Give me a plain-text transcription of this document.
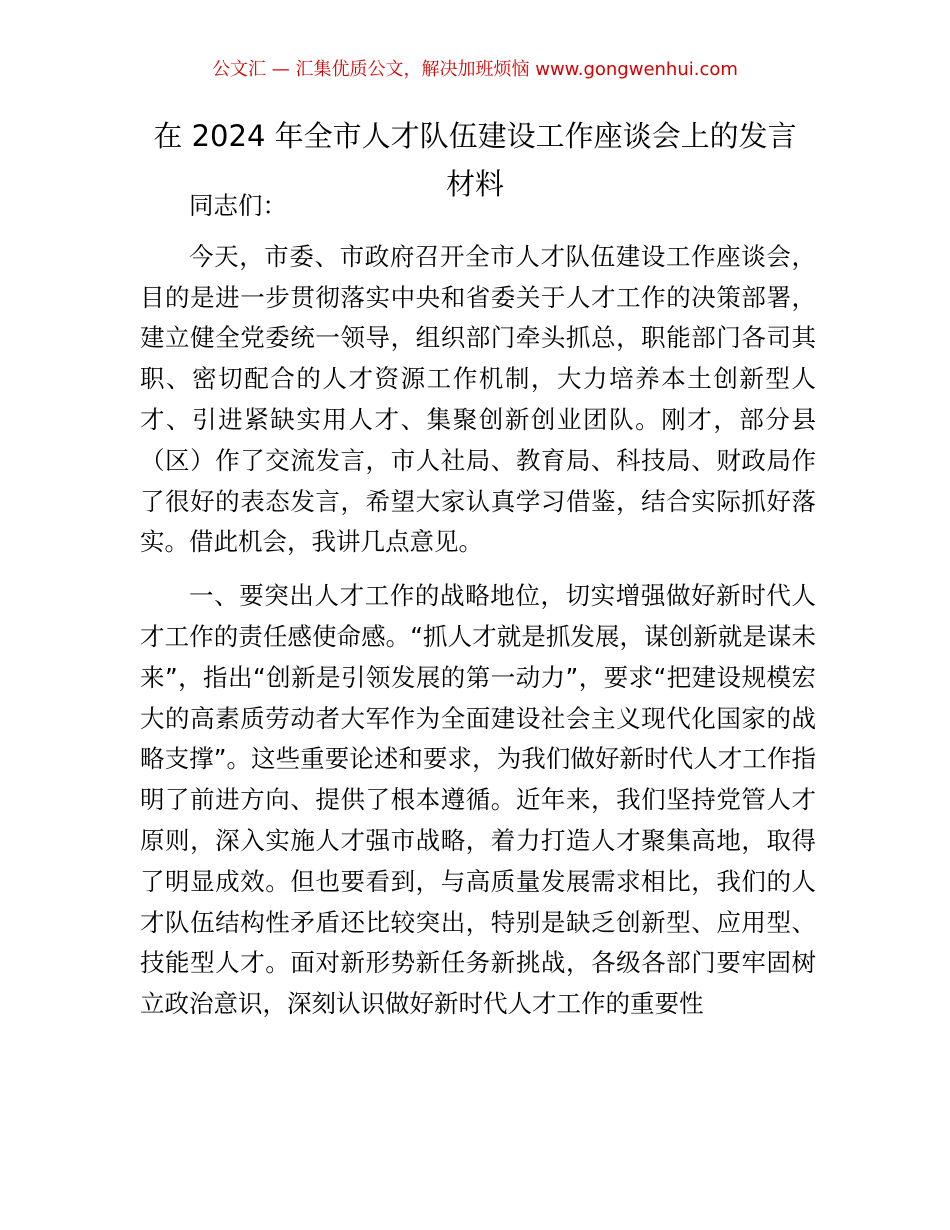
公文汇 — 汇集优质公文，解决加班烦恼 www.gongwenhui.com
在 2024 年全市人才队伍建设工作座谈会上的发言材料

同志们：

今天，市委、市政府召开全市人才队伍建设工作座谈会，目的是进一步贯彻落实中央和省委关于人才工作的决策部署，建立健全党委统一领导，组织部门牵头抓总，职能部门各司其职、密切配合的人才资源工作机制，大力培养本土创新型人才、引进紧缺实用人才、集聚创新创业团队。刚才，部分县（区）作了交流发言，市人社局、教育局、科技局、财政局作了很好的表态发言，希望大家认真学习借鉴，结合实际抓好落实。借此机会，我讲几点意见。

一、要突出人才工作的战略地位，切实增强做好新时代人才工作的责任感使命感。“抓人才就是抓发展，谋创新就是谋未来”，指出“创新是引领发展的第一动力”，要求“把建设规模宏大的高素质劳动者大军作为全面建设社会主义现代化国家的战略支撑”。这些重要论述和要求，为我们做好新时代人才工作指明了前进方向、提供了根本遵循。近年来，我们坚持党管人才原则，深入实施人才强市战略，着力打造人才聚集高地，取得了明显成效。但也要看到，与高质量发展需求相比，我们的人才队伍结构性矛盾还比较突出，特别是缺乏创新型、应用型、技能型人才。面对新形势新任务新挑战，各级各部门要牢固树立政治意识，深刻认识做好新时代人才工作的重要性
